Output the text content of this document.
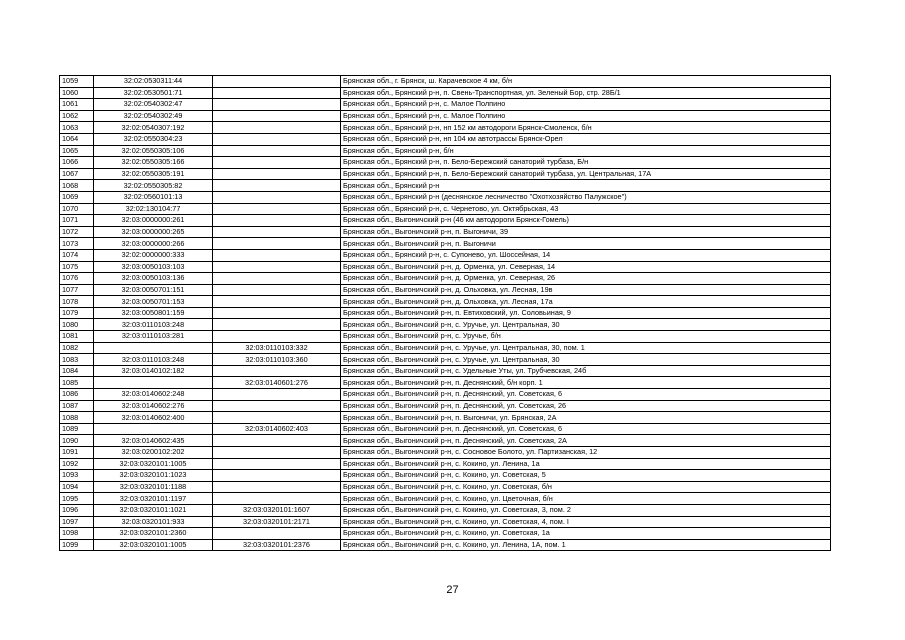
1059	32:02:0530311:44		Брянская обл., г. Брянск, ш. Карачевское 4 км, б/н
1060	32:02:0530501:71		Брянская обл., Брянский р-н, п. Свень-Транспортная, ул. Зеленый Бор, стр. 28Б/1
1061	32:02:0540302:47		Брянская обл., Брянский р-н, с. Малое Полпино
1062	32:02:0540302:49		Брянская обл., Брянский р-н, с. Малое Полпино
1063	32:02:0540307:192		Брянская обл., Брянский р-н, нп 152 км автодороги Брянск-Смоленск, б/н
1064	32:02:0550304:23		Брянская обл., Брянский р-н, нп 104 км автотрассы Брянск-Орел
1065	32:02:0550305:106		Брянская обл., Брянский р-н, б/н
1066	32:02:0550305:166		Брянская обл., Брянский р-н, п. Бело-Бережский санаторий турбаза, Б/н
1067	32:02:0550305:191		Брянская обл., Брянский р-н, п. Бело-Бережский санаторий турбаза, ул. Центральная, 17А
1068	32:02:0550305:82		Брянская обл., Брянский р-н
1069	32:02:0560101:13		Брянская обл., Брянский р-н (деснянское лесничество "Охотхозяйство Палужское")
1070	32:02:130104:77		Брянская обл., Брянский р-н, с. Чернетово, ул. Октябрьская, 43
1071	32:03:0000000:261		Брянская обл., Выгоничский р-н (46 км автодороги Брянск-Гомель)
1072	32:03:0000000:265		Брянская обл., Выгоничский р-н, п. Выгоничи, 39
1073	32:03:0000000:266		Брянская обл., Выгоничский р-н, п. Выгоничи
1074	32:02:0000000:333		Брянская обл., Брянский р-н, с. Супонево, ул. Шоссейная, 14
1075	32:03:0050103:103		Брянская обл., Выгоничский р-н, д. Орменка, ул. Северная, 14
1076	32:03:0050103:136		Брянская обл., Выгоничский р-н, д. Орменка, ул. Северная, 26
1077	32:03:0050701:151		Брянская обл., Выгоничский р-н, д. Ольховка, ул. Лесная, 19в
1078	32:03:0050701:153		Брянская обл., Выгоничский р-н, д. Ольховка, ул. Лесная, 17а
1079	32:03:0050801:159		Брянская обл., Выгоничский р-н, п. Евтиховский, ул. Соловьиная, 9
1080	32:03:0110103:248		Брянская обл., Выгоничский р-н, с. Уручье, ул. Центральная, 30
1081	32:03:0110103:281		Брянская обл., Выгоничский р-н, с. Уручье, б/н
1082		32:03:0110103:332	Брянская обл., Выгоничский р-н, с. Уручье, ул. Центральная, 30, пом. 1
1083	32:03:0110103:248	32:03:0110103:360	Брянская обл., Выгоничский р-н, с. Уручье, ул. Центральная, 30
1084	32:03:0140102:182		Брянская обл., Выгоничский р-н, с. Удельные Уты, ул. Трубчевская, 24б
1085		32:03:0140601:276	Брянская обл., Выгоничский р-н, п. Деснянский, б/н корп. 1
1086	32:03:0140602:248		Брянская обл., Выгоничский р-н, п. Деснянский, ул. Советская, 6
1087	32:03:0140602:276		Брянская обл., Выгоничский р-н, п. Деснянский, ул. Советская, 26
1088	32:03:0140602:400		Брянская обл., Выгоничский р-н, п. Выгоничи, ул. Брянская, 2А
1089		32:03:0140602:403	Брянская обл., Выгоничский р-н, п. Деснянский, ул. Советская, 6
1090	32:03:0140602:435		Брянская обл., Выгоничский р-н, п. Деснянский, ул. Советская, 2А
1091	32:03:0200102:202		Брянская обл., Выгоничский р-н, с. Сосновое Болото, ул. Партизанская, 12
1092	32:03:0320101:1005		Брянская обл., Выгоничский р-н, с. Кокино, ул. Ленина, 1а
1093	32:03:0320101:1023		Брянская обл., Выгоничский р-н, с. Кокино, ул. Советская, 5
1094	32:03:0320101:1188		Брянская обл., Выгоничский р-н, с. Кокино, ул. Советская, б/н
1095	32:03:0320101:1197		Брянская обл., Выгоничский р-н, с. Кокино, ул. Цветочная, б/н
1096	32:03:0320101:1021	32:03:0320101:1607	Брянская обл., Выгоничский р-н, с. Кокино, ул. Советская, 3, пом. 2
1097	32:03:0320101:933	32:03:0320101:2171	Брянская обл., Выгоничский р-н, с. Кокино, ул. Советская, 4, пом. I
1098	32:03:0320101:2360		Брянская обл., Выгоничский р-н, с. Кокино, ул. Советская, 1а
1099	32:03:0320101:1005	32:03:0320101:2376	Брянская обл., Выгоничский р-н, с. Кокино, ул. Ленина, 1А, пом. 1
27
